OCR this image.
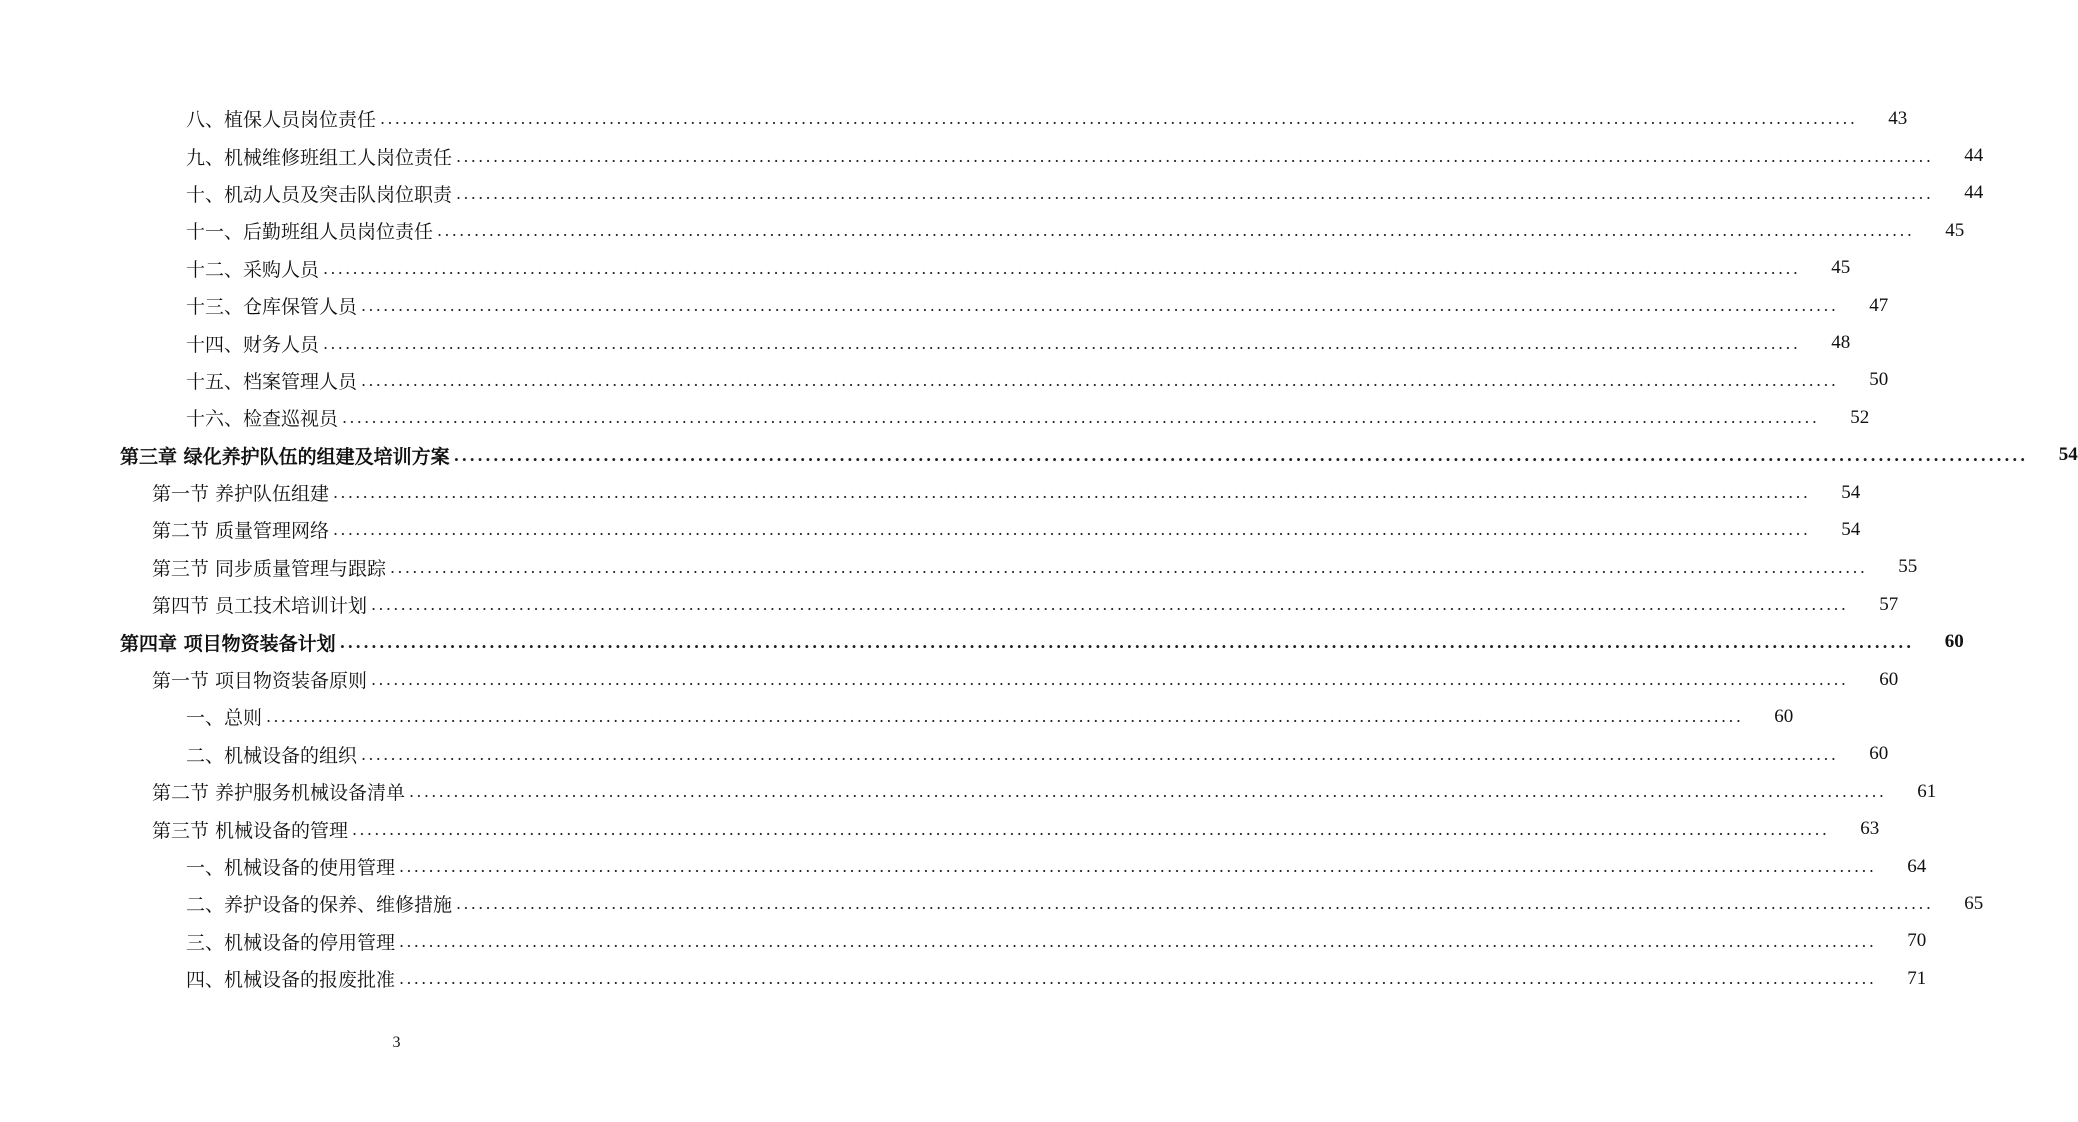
八、植保人员岗位责任 ........................................................................................................................................................................................................	43
九、机械维修班组工人岗位责任 ........................................................................................................................................................................................................	44
十、机动人员及突击队岗位职责 ........................................................................................................................................................................................................	44
十一、后勤班组人员岗位责任 ........................................................................................................................................................................................................	45
十二、采购人员 ........................................................................................................................................................................................................	45
十三、仓库保管人员 ........................................................................................................................................................................................................	47
十四、财务人员 ........................................................................................................................................................................................................	48
十五、档案管理人员 ........................................................................................................................................................................................................	50
十六、检查巡视员 ........................................................................................................................................................................................................	52
第三章 绿化养护队伍的组建及培训方案 ........................................................................................................................................................................................................	54
第一节 养护队伍组建 ........................................................................................................................................................................................................	54
第二节 质量管理网络 ........................................................................................................................................................................................................	54
第三节 同步质量管理与跟踪 ........................................................................................................................................................................................................	55
第四节 员工技术培训计划 ........................................................................................................................................................................................................	57
第四章 项目物资装备计划 ........................................................................................................................................................................................................	60
第一节 项目物资装备原则 ........................................................................................................................................................................................................	60
一、总则 ........................................................................................................................................................................................................	60
二、机械设备的组织 ........................................................................................................................................................................................................	60
第二节 养护服务机械设备清单 ........................................................................................................................................................................................................	61
第三节 机械设备的管理 ........................................................................................................................................................................................................	63
一、机械设备的使用管理 ........................................................................................................................................................................................................	64
二、养护设备的保养、维修措施 ........................................................................................................................................................................................................	65
三、机械设备的停用管理 ........................................................................................................................................................................................................	70
四、机械设备的报废批准 ........................................................................................................................................................................................................	71
3
